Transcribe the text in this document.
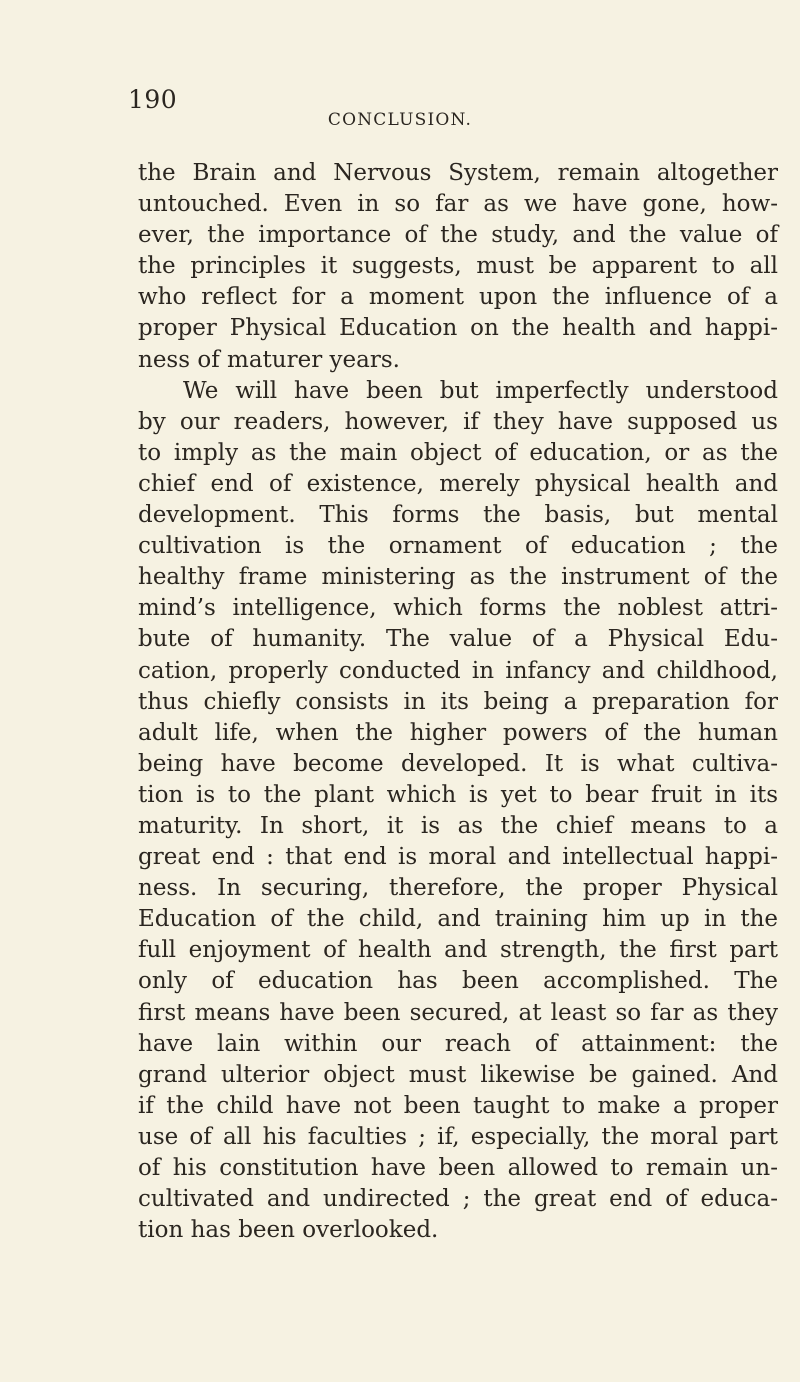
190
CONCLUSION.
the Brain and Nervous System, remain altogether
untouched. Even in so far as we have gone, how-
ever, the importance of the study, and the value of
the principles it suggests, must be apparent to all
who reflect for a moment upon the influence of a
proper Physical Education on the health and happi-
ness of maturer years.
We will have been but imperfectly understood
by our readers, however, if they have supposed us
to imply as the main object of education, or as the
chief end of existence, merely physical health and
development. This forms the basis, but mental
cultivation is the ornament of education ; the
healthy frame ministering as the instrument of the
mind’s intelligence, which forms the noblest attri-
bute of humanity. The value of a Physical Edu-
cation, properly conducted in infancy and childhood,
thus chiefly consists in its being a preparation for
adult life, when the higher powers of the human
being have become developed. It is what cultiva-
tion is to the plant which is yet to bear fruit in its
maturity. In short, it is as the chief means to a
great end : that end is moral and intellectual happi-
ness. In securing, therefore, the proper Physical
Education of the child, and training him up in the
full enjoyment of health and strength, the first part
only of education has been accomplished. The
first means have been secured, at least so far as they
have lain within our reach of attainment: the
grand ulterior object must likewise be gained. And
if the child have not been taught to make a proper
use of all his faculties ; if, especially, the moral part
of his constitution have been allowed to remain un-
cultivated and undirected ; the great end of educa-
tion has been overlooked.
